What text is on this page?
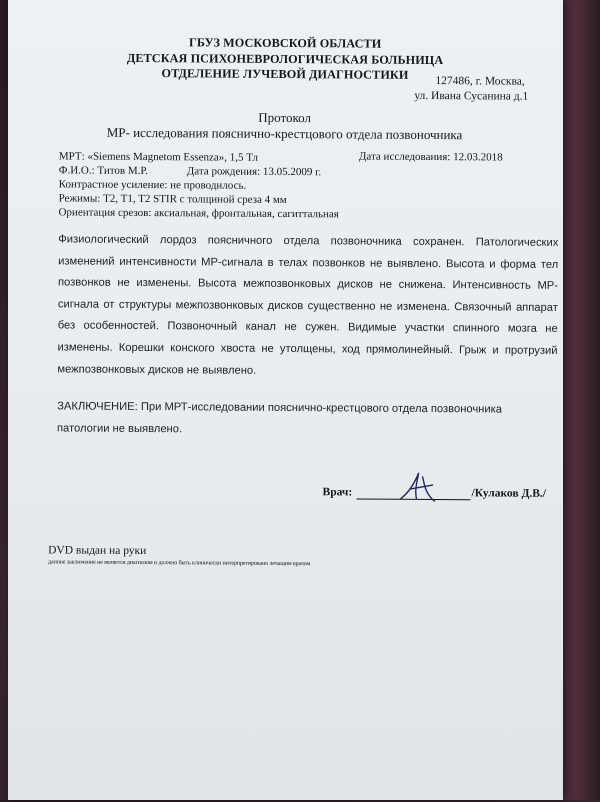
ГБУЗ МОСКОВСКОЙ ОБЛАСТИ
ДЕТСКАЯ ПСИХОНЕВРОЛОГИЧЕСКАЯ БОЛЬНИЦА
ОТДЕЛЕНИЕ ЛУЧЕВОЙ ДИАГНОСТИКИ	127486, г. Москва,
ул. Ивана Сусанина д.1
Протокол
МР- исследования пояснично-крестцового отдела позвоночника
МРТ: «Siemens Magnetom Essenza», 1,5 Тл	Дата исследования: 12.03.2018
Ф.И.О.: Титов М.Р.	Дата рождения: 13.05.2009 г.
Контрастное усиление: не проводилось.
Режимы: T2, T1, T2 STIR с толщиной среза 4 мм
Ориентация срезов: аксиальная, фронтальная, сагиттальная
Физиологический лордоз поясничного отдела позвоночника сохранен. Патологических изменений интенсивности МР-сигнала в телах позвонков не выявлено. Высота и форма тел позвонков не изменены. Высота межпозвонковых дисков не снижена. Интенсивность МР-сигнала от структуры межпозвонковых дисков существенно не изменена. Связочный аппарат без особенностей. Позвоночный канал не сужен. Видимые участки спинного мозга не изменены. Корешки конского хвоста не утолщены, ход прямолинейный. Грыж и протрузий межпозвонковых дисков не выявлено.
ЗАКЛЮЧЕНИЕ: При МРТ-исследовании пояснично-крестцового отдела позвоночника патологии не выявлено.
Врач:	/Кулаков Д.В./
DVD выдан на руки
данное заключение не является диагнозом и должно быть клинически интерпретировано лечащим врачом
